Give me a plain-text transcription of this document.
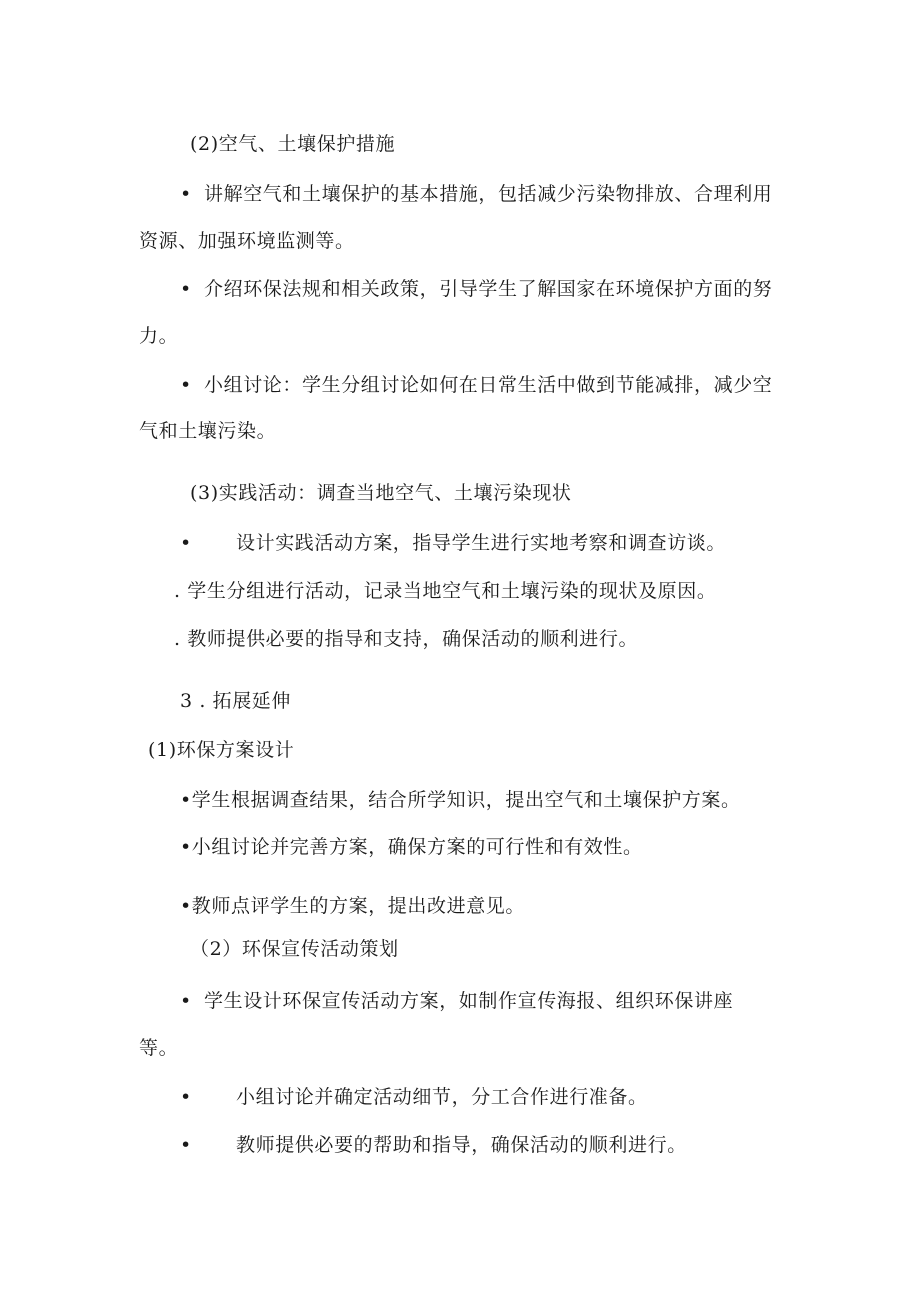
(2)空气、土壤保护措施
• 讲解空气和土壤保护的基本措施，包括减少污染物排放、合理利用
资源、加强环境监测等。
• 介绍环保法规和相关政策，引导学生了解国家在环境保护方面的努
力。
• 小组讨论：学生分组讨论如何在日常生活中做到节能减排，减少空
气和土壤污染。
(3)实践活动：调查当地空气、土壤污染现状
• 设计实践活动方案，指导学生进行实地考察和调查访谈。
. 学生分组进行活动，记录当地空气和土壤污染的现状及原因。
. 教师提供必要的指导和支持，确保活动的顺利进行。
3 . 拓展延伸
(1)环保方案设计
•学生根据调查结果，结合所学知识，提出空气和土壤保护方案。
•小组讨论并完善方案，确保方案的可行性和有效性。
•教师点评学生的方案，提出改进意见。
（2）环保宣传活动策划
• 学生设计环保宣传活动方案，如制作宣传海报、组织环保讲座
等。
• 小组讨论并确定活动细节，分工合作进行准备。
• 教师提供必要的帮助和指导，确保活动的顺利进行。
